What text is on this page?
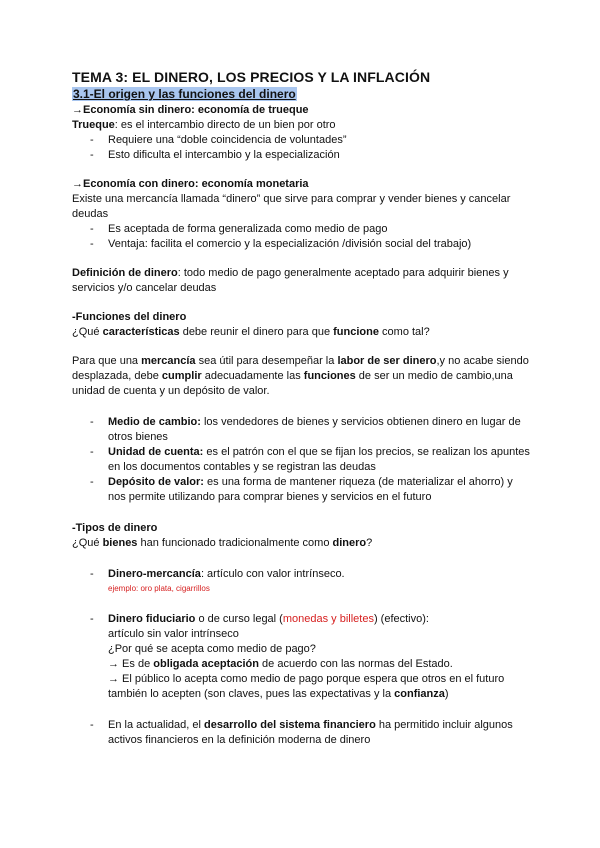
TEMA 3: EL DINERO, LOS PRECIOS Y LA INFLACIÓN

3.1-El origen y las funciones del dinero

→Economía sin dinero: economía de trueque

Trueque: es el intercambio directo de un bien por otro

- Requiere una “doble coincidencia de voluntades”
- Esto dificulta el intercambio y la especialización

→Economía con dinero: economía monetaria

Existe una mercancía llamada “dinero” que sirve para comprar y vender bienes y cancelar deudas

- Es aceptada de forma generalizada como medio de pago
- Ventaja: facilita el comercio y la especialización /división social del trabajo)

Definición de dinero: todo medio de pago generalmente aceptado para adquirir bienes y servicios y/o cancelar deudas

-Funciones del dinero

¿Qué características debe reunir el dinero para que funcione como tal?

Para que una mercancía sea útil para desempeñar la labor de ser dinero,y no acabe siendo desplazada, debe cumplir adecuadamente las funciones de ser un medio de cambio,una unidad de cuenta y un depósito de valor.

- Medio de cambio: los vendedores de bienes y servicios obtienen dinero en lugar de otros bienes
- Unidad de cuenta: es el patrón con el que se fijan los precios, se realizan los apuntes en los documentos contables y se registran las deudas
- Depósito de valor: es una forma de mantener riqueza (de materializar el ahorro) y nos permite utilizando para comprar bienes y servicios en el futuro

-Tipos de dinero

¿Qué bienes han funcionado tradicionalmente como dinero?

- Dinero-mercancía: artículo con valor intrínseco.
ejemplo: oro plata, cigarrillos
- Dinero fiduciario o de curso legal (monedas y billetes) (efectivo):
artículo sin valor intrínseco
¿Por qué se acepta como medio de pago?
→ Es de obligada aceptación de acuerdo con las normas del Estado.
→ El público lo acepta como medio de pago porque espera que otros en el futuro también lo acepten (son claves, pues las expectativas y la confianza)
- En la actualidad, el desarrollo del sistema financiero ha permitido incluir algunos activos financieros en la definición moderna de dinero
